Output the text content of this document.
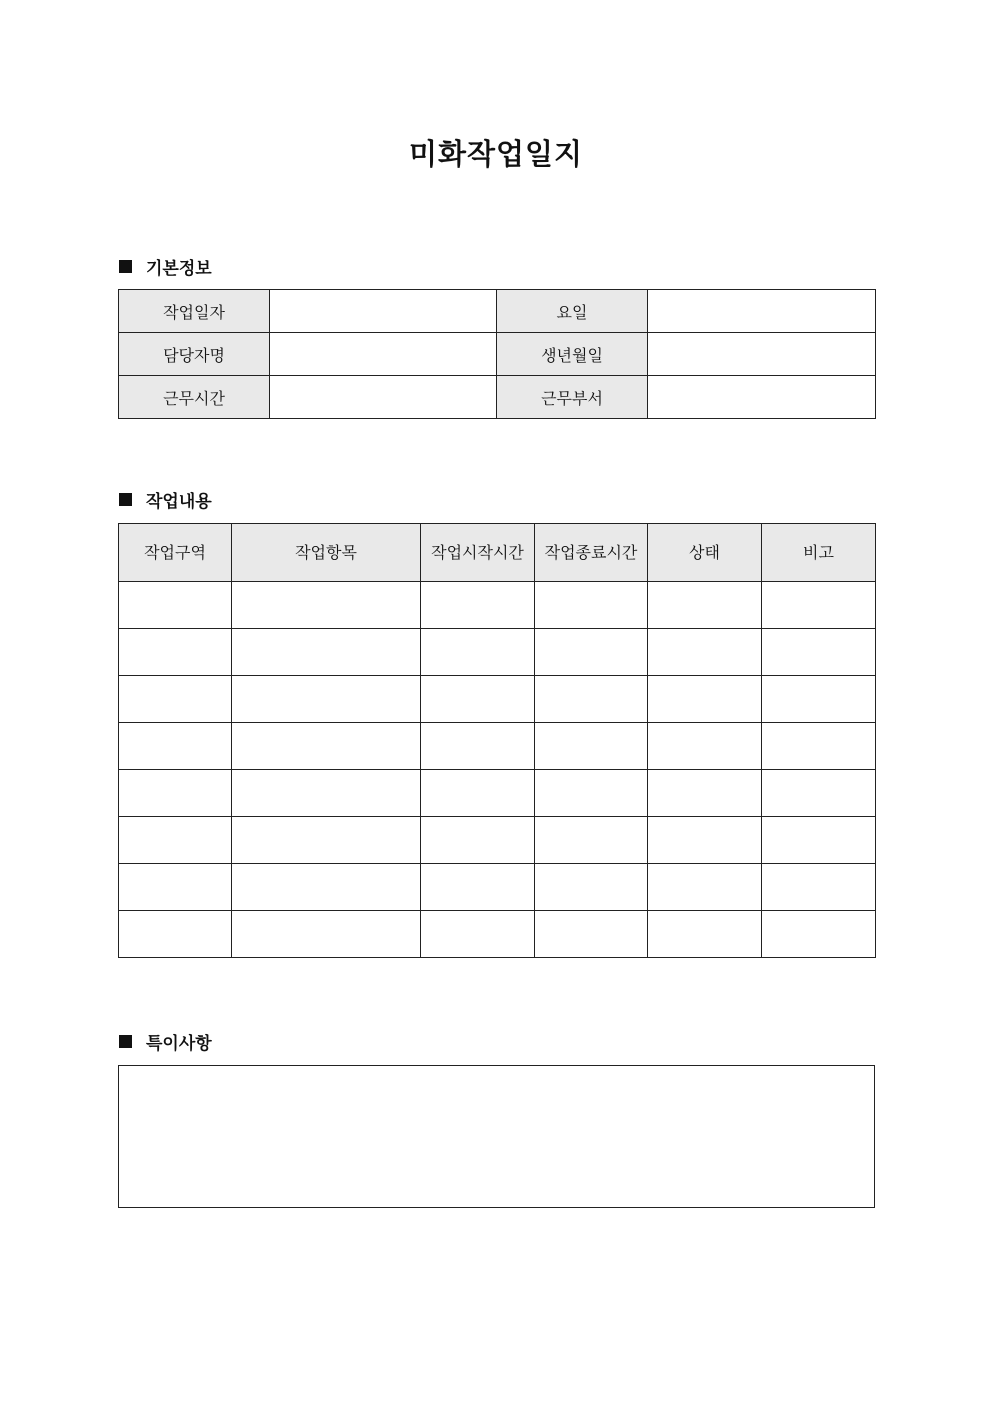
미화작업일지
기본정보
작업일자		요일	
담당자명		생년월일	
근무시간		근무부서	
작업내용
작업구역	작업항목	작업시작시간	작업종료시간	상태	비고

특이사항
